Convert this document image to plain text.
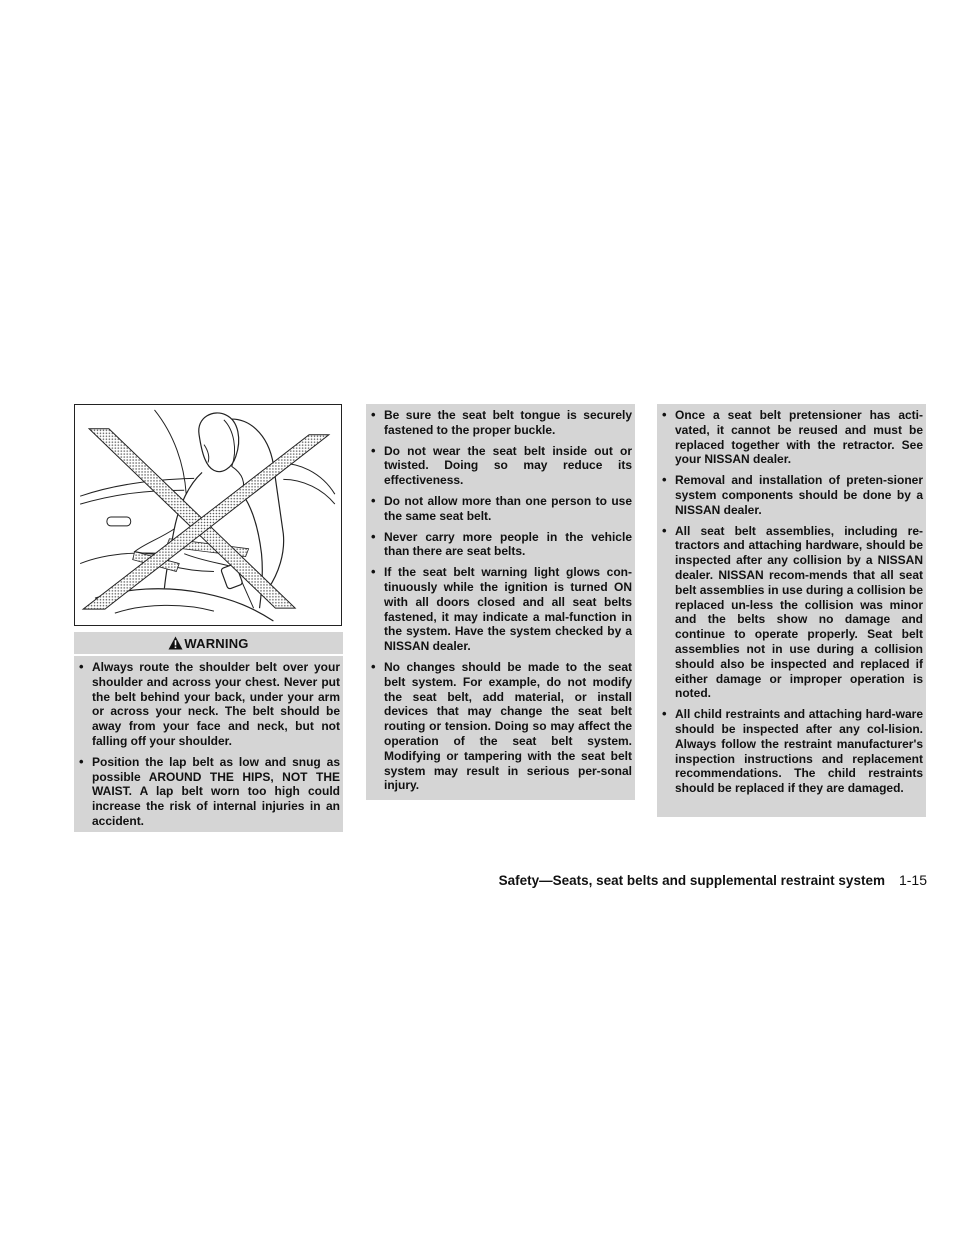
WARNING
• Always route the shoulder belt over your shoulder and across your chest. Never put the belt behind your back, under your arm or across your neck. The belt should be away from your face and neck, but not falling off your shoulder.
• Position the lap belt as low and snug as possible AROUND THE HIPS, NOT THE WAIST. A lap belt worn too high could increase the risk of internal injuries in an accident.
• Be sure the seat belt tongue is securely fastened to the proper buckle.
• Do not wear the seat belt inside out or twisted. Doing so may reduce its effectiveness.
• Do not allow more than one person to use the same seat belt.
• Never carry more people in the vehicle than there are seat belts.
• If the seat belt warning light glows con-tinuously while the ignition is turned ON with all doors closed and all seat belts fastened, it may indicate a mal-function in the system. Have the system checked by a NISSAN dealer.
• No changes should be made to the seat belt system. For example, do not modify the seat belt, add material, or install devices that may change the seat belt routing or tension. Doing so may affect the operation of the seat belt system. Modifying or tampering with the seat belt system may result in serious per-sonal injury.
• Once a seat belt pretensioner has acti-vated, it cannot be reused and must be replaced together with the retractor. See your NISSAN dealer.
• Removal and installation of preten-sioner system components should be done by a NISSAN dealer.
• All seat belt assemblies, including re-tractors and attaching hardware, should be inspected after any collision by a NISSAN dealer. NISSAN recom-mends that all seat belt assemblies in use during a collision be replaced un-less the collision was minor and the belts show no damage and continue to operate properly. Seat belt assemblies not in use during a collision should also be inspected and replaced if either damage or improper operation is noted.
• All child restraints and attaching hard-ware should be inspected after any col-lision. Always follow the restraint manufacturer's inspection instructions and replacement recommendations. The child restraints should be replaced if they are damaged.
Safety—Seats, seat belts and supplemental restraint system 1-15
